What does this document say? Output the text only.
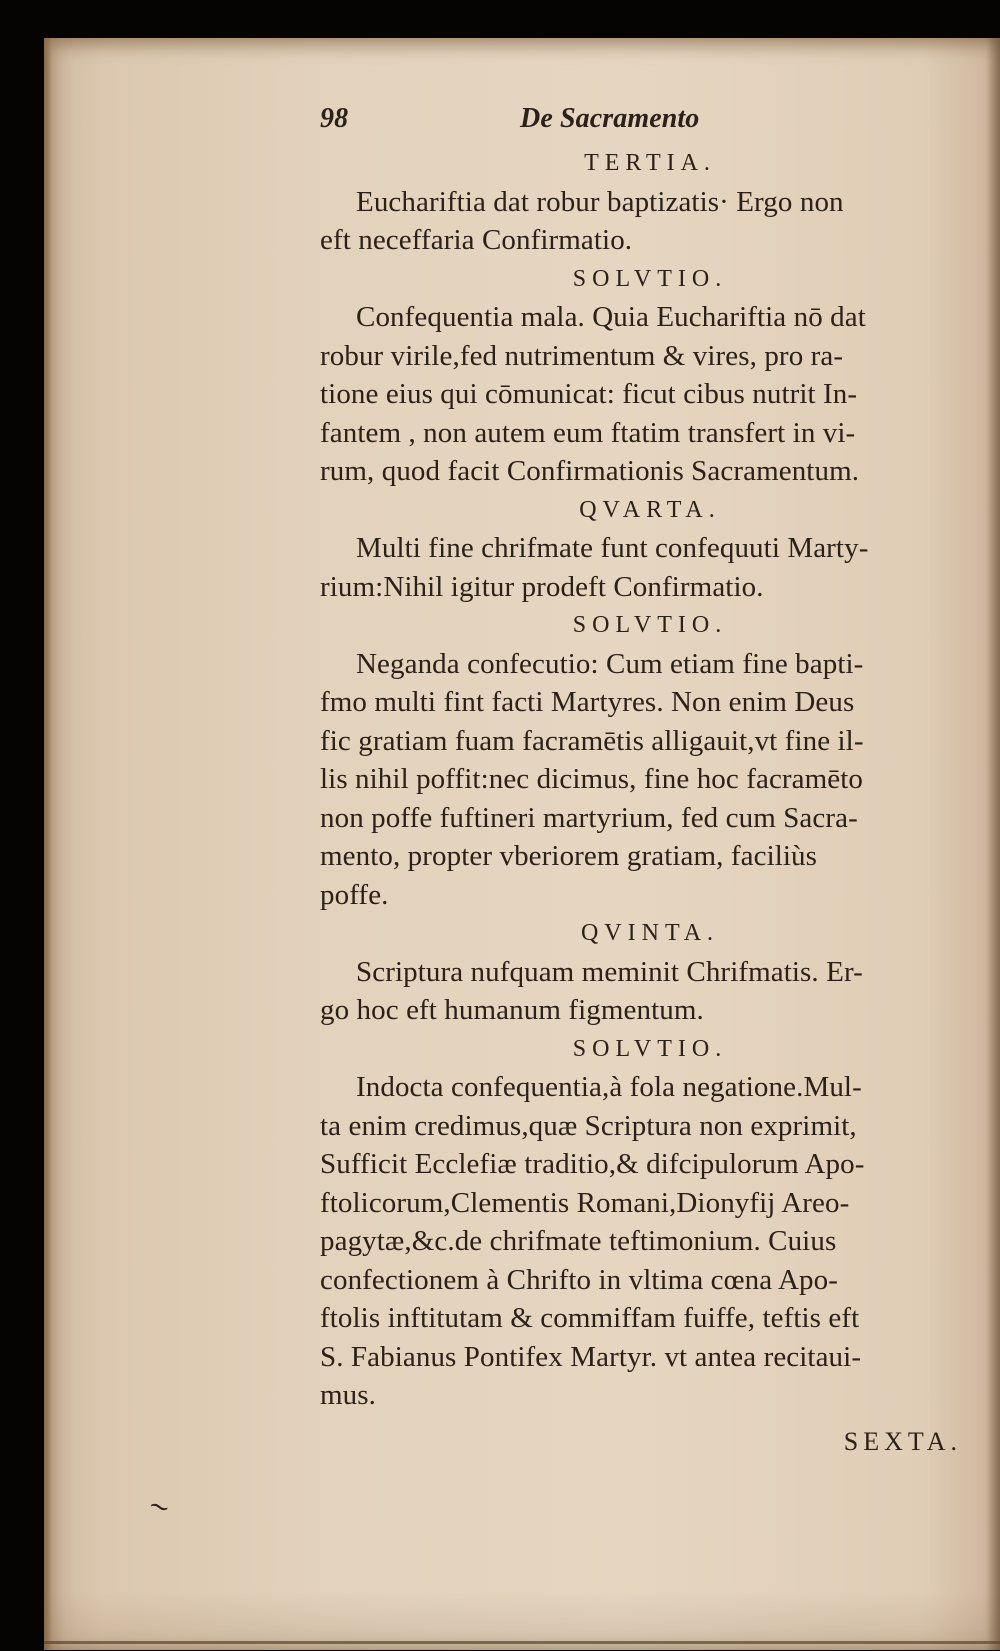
~
98	De Sacramento
TERTIA.
Euchariftia dat robur baptizatis· Ergo non
eft neceffaria Confirmatio.
SOLVTIO.
Confequentia mala. Quia Euchariftia nō dat
robur virile,fed nutrimentum & vires, pro ra-
tione eius qui cōmunicat: ficut cibus nutrit In-
fantem , non autem eum ftatim transfert in vi-
rum, quod facit Confirmationis Sacramentum.
QVARTA.
Multi fine chrifmate funt confequuti Marty-
rium:Nihil igitur prodeft Confirmatio.
SOLVTIO.
Neganda confecutio: Cum etiam fine bapti-
fmo multi fint facti Martyres. Non enim Deus
fic gratiam fuam facramētis alligauit,vt fine il-
lis nihil poffit:nec dicimus, fine hoc facramēto
non poffe fuftineri martyrium, fed cum Sacra-
mento, propter vberiorem gratiam, faciliùs
poffe.
QVINTA.
Scriptura nufquam meminit Chrifmatis. Er-
go hoc eft humanum figmentum.
SOLVTIO.
Indocta confequentia,à fola negatione.Mul-
ta enim credimus,quæ Scriptura non exprimit,
Sufficit Ecclefiæ traditio,& difcipulorum Apo-
ftolicorum,Clementis Romani,Dionyfij Areo-
pagytæ,&c.de chrifmate teftimonium. Cuius
confectionem à Chrifto in vltima cœna Apo-
ftolis inftitutam & commiffam fuiffe, teftis eft
S. Fabianus Pontifex Martyr. vt antea recitaui-
mus.
SEXTA.
